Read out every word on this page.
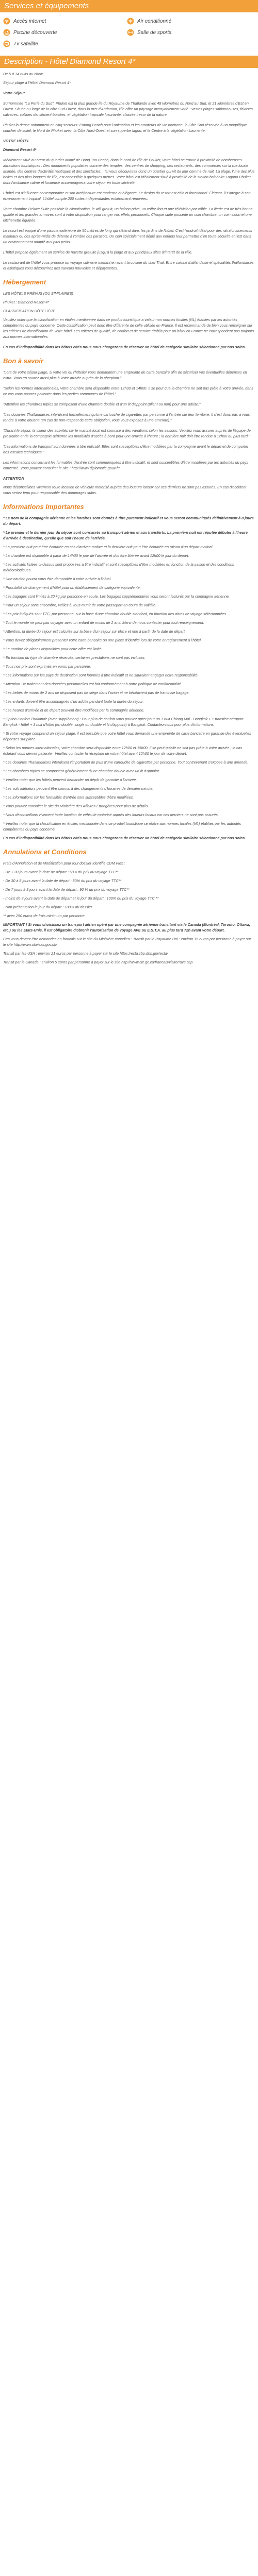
Services et équipements
Accès internet	Air conditionné
Piscine découverte	Salle de sports
Tv satellite
Description - Hôtel Diamond Resort 4*

De 5 à 14 nuits au choix

Séjour plage à l'Hôtel Diamond Resort 4*

Votre Séjour

Surnommée "La Perle du Sud", Phuket est la plus grande île du Royaume de Thaïlande avec 48 kilomètres du Nord au Sud, et 21 kilomètres d'Est en Ouest. Située au large de la côte Sud-Ouest, dans la mer d'Andaman, l'île offre un paysage incroyablement varié : vastes plages sablonneuses, falaises calcaires, collines densément boisées, et végétation tropicale luxuriante, classée trésor de la nature.

Phuket la dense notamment en cinq secteurs: Patong Beach pour l'animation et les amateurs de vie nocturne, la Côte Sud réservée à un magnifique coucher de soleil, le Nord de Phuket avec, la Côte Nord-Ouest et son superbe lagon, et le Centre à la végétation luxuriante.

VOTRE HÔTEL

Diamond Resort 4*

Idéalement situé au cœur du quartier animé de Bang Tao Beach, dans le nord de l'île de Phuket, votre hôtel se trouve à proximité de nombreuses attractions touristiques : Des monuments populaires comme des temples, des centres de shopping, des restaurants, des commerces sur la rue locale animée, des centres d'activités nautiques et des spectacles... Ici vous découvrirez donc un quartier qui vit de jour comme de nuit. La plage, l'une des plus belles et des plus longues de l'île, est accessible à quelques mètres. Votre hôtel est idéalement situé à proximité de la station balnéaire Laguna Phuket dont l'ambiance calme et luxueuse accompagnera votre séjour en toute sérénité.

L'hôtel est d'influence contemporaine et son architecture est moderne et élégante. Le design du resort est chic et fonctionnel. Élégant, il s'intègre à son environnement tropical. L'hôtel compte 200 suites indépendantes entièrement rénovées.

Votre chambre Deluxe Suite possède la climatisation, le wifi gratuit, un balcon privé, un coffre-fort et une télévision par câble. La literie est de très bonne qualité et les grandes armoires sont à votre disposition pour ranger vos effets personnels. Chaque suite possède un coin chambre, un coin salon et une kitchenette équipée.

Le resort est équipé d'une piscine extérieure de 50 mètres de long qui s'étend dans les jardins de l'hôtel. C'est l'endroit idéal pour des rafraîchissements matinaux ou des après-midis de détente à l'ombre des parasols. Un coin spécialement dédié aux enfants leur permettra d'en toute sécurité et l'est dans un environnement adapté aux plus petits.

L'hôtel propose également un service de navette gratuite jusqu'à la plage et aux principaux sites d'intérêt de la ville.

Le restaurant de l'hôtel vous propose un voyage culinaire mettant en avant la cuisine du chef Thaï. Entre cuisine thaïlandaise et spécialités thaïlandaises et asiatiques vous découvrirez des saveurs nouvelles et dépaysantes.

Hébergement

LES HÔTELS PRÉVUS (OU SIMILAIRES)

Phuket : Diamond Resort 4*

CLASSIFICATION HÔTELIÈRE

Veuillez noter que la classification en étoiles mentionnée dans ce produit touristique a valeur non normes locales (NL) établies par les autorités compétentes du pays concerné. Cette classification peut donc être différente de celle utilisée en France. Il est recommandé de bien vous renseigner sur les critères de classification de votre hôtel. Les critères de qualité, de confort et de service établis pour un hôtel en France ne correspondent pas toujours aux normes internationales.

En cas d'indisponibilité dans les hôtels cités nous nous chargerons de réserver un hôtel de catégorie similaire sélectionné par nos soins.

Bon à savoir

"Lors de votre séjour plage, si votre vol ou l'hôtelier vous demandent une empreinte de carte bancaire afin de sécuriser vos éventuelles dépenses en extra. Vous en saurez aussi plus à votre arrivée auprès de la réception."

"Selon les normes internationales, votre chambre sera disponible entre 12h00 et 14h00. Il se peut que la chambre ne soit pas prête à votre arrivée, dans ce cas vous pourrez patienter dans les parties communes de l'hôtel."

"Attention les chambres triples se composent d'une chambre double et d'un lit d'appoint (pliant ou non) pour une adulte."

"Les douanes Thaïlandaises interdisent formellement qu'une cartouche de cigarettes par personne à l'entrée sur leur territoire. Il n'est donc pas à vous rendre à votre douane (en cas de non-respect de cette obligation, vous vous exposez à une amende)."

"Durant le séjour, la valeur des activités sur le marché local est soumise à des variations selon les saisons. Veuillez vous assurer auprès de l'équipe de prestation et de la compagnie aérienne les modalités d'accès à bord pour une arrivée à l'heure ; la dernière nuit doit être rendue à 12h00 au plus tard."

"Les informations de transport sont données à titre indicatif. Elles sont susceptibles d'être modifiées par la compagnie avant le départ et de comporter des escales techniques."

Les informations concernant les formalités d'entrée sont communiquées à titre indicatif, et sont susceptibles d'être modifiées par les autorités du pays concerné. Vous pouvez consulter le site : http://www.diplomatie.gouv.fr/

ATTENTION

Nous déconseillons vivement toute location de véhicule motorisé auprès des loueurs locaux car ces derniers ne sont pas assurés. En cas d'accident vous seriez tenu pour responsable des dommages subis.

Informations Importantes

* Le nom de la compagnie aérienne et les horaires sont donnés à titre purement indicatif et vous seront communiqués définitivement à 8 jours du départ.

* Le premier et le dernier jour du séjour sont consacrés au transport aérien et aux transferts. La première nuit est réputée débuter à l'heure d'arrivée à destination, qu'elle que soit l'heure de l'arrivée.

* La première nuit peut être écourtée en cas d'arrivée tardive et la dernière nuit peut être écourtée en raison d'un départ matinal.

* La chambre est disponible à partir de 14h00 le jour de l'arrivée et doit être libérée avant 12h00 le jour du départ.

* Les activités listées ci-dessus sont proposées à titre indicatif et sont susceptibles d'être modifiées en fonction de la saison et des conditions météorologiques.

* Une caution pourra vous être demandée à votre arrivée à l'hôtel.

* Possibilité de changement d'hôtel pour un établissement de catégorie équivalente.

* Les bagages sont limités à 20 kg par personne en soute. Les bagages supplémentaires vous seront facturés par la compagnie aérienne.

* Pour un séjour sans encombre, veillez à vous munir de votre passeport en cours de validité.

* Les prix indiqués sont TTC, par personne, sur la base d'une chambre double standard, en fonction des dates de voyage sélectionnées.

* Tout le monde ne peut pas voyager avec un enfant de moins de 2 ans. Merci de nous contacter pour tout renseignement.

* Attention, la durée du séjour est calculée sur la base d'un séjour sur place et non à partir de la date de départ.

* Vous devez obligatoirement présenter votre carte bancaire ou une pièce d'identité lors de votre enregistrement à l'hôtel.

* Le nombre de places disponibles pour cette offre est limité.

* En fonction du type de chambre réservée, certaines prestations ne sont pas incluses.

* Tous nos prix sont exprimés en euros par personne.

* Les informations sur les pays de destination sont fournies à titre indicatif et ne sauraient engager notre responsabilité.

* Attention : le traitement des données personnelles est fait conformément à notre politique de confidentialité.

* Les bébés de moins de 2 ans ne disposent pas de siège dans l'avion et ne bénéficient pas de franchise bagage.

* Les enfants doivent être accompagnés d'un adulte pendant toute la durée du séjour.

* Les heures d'arrivée et de départ peuvent être modifiées par la compagnie aérienne.

* Option Confort Thaïlande (avec supplément) : Pour plus de confort vous pouvez opter pour un 1 nuit Chiang Mai - Bangkok + 1 transfert aéroport Bangkok - hôtel + 1 nuit d'hôtel (en double, single ou double et lit d'appoint) à Bangkok. Contactez-nous pour plus d'informations.

* Si votre voyage comprend un séjour plage, il est possible que votre hôtel vous demande une empreinte de carte bancaire en garantie des éventuelles dépenses sur place.

* Selon les normes internationales, votre chambre sera disponible entre 12h00 et 15h00. Il se peut qu'elle ne soit pas prête à votre arrivée ; le cas échéant vous devrez patienter. Veuillez contacter la réception de votre hôtel avant 12h00 le jour de votre départ.

* Les douanes Thaïlandaises interdisent l'importation de plus d'une cartouche de cigarettes par personne. Tout contrevenant s'expose à une amende.

* Les chambres triples se composent généralement d'une chambre double avec un lit d'appoint.

* Veuillez noter que les hôtels peuvent demander un dépôt de garantie à l'arrivée.

* Les vols intérieurs peuvent être soumis à des changements d'horaires de dernière minute.

* Les informations sur les formalités d'entrée sont susceptibles d'être modifiées.

* Vous pouvez consulter le site du Ministère des Affaires Étrangères pour plus de détails.

* Nous déconseillons vivement toute location de véhicule motorisé auprès des loueurs locaux car ces derniers ne sont pas assurés.

* Veuillez noter que la classification en étoiles mentionnée dans ce produit touristique se réfère aux normes locales (NL) établies par les autorités compétentes du pays concerné.

En cas d'indisponibilité dans les hôtels cités nous nous chargerons de réserver un hôtel de catégorie similaire sélectionné par nos soins.

Annulations et Conditions

Frais d'Annulation et de Modification pour tout dossier Identifié CDM Flex :

- De + 30 jours avant la date de départ : 60% du prix du voyage TTC**

- De 30 à 8 jours avant la date de départ : 80% du prix du voyage TTC**

- De 7 jours à 3 jours avant la date de départ : 90 % du prix du voyage TTC**

- moins de 3 jours avant la date de départ et le jour du départ : 100% du prix du voyage TTC **

- Non présentation le jour du départ : 100% du dossier

** avec 250 euros de frais minimum par personne

IMPORTANT ! Si vous choisissez un transport aérien opéré par une compagnie aérienne transitant via le Canada (Montréal, Toronto, Ottawa, etc.) ou les Etats-Unis, il est obligatoire d'obtenir l'autorisation de voyage AVE ou E.S.T.A. au plus tard 72h avant votre départ.

Ces vous devrez être demandes en français sur le site du Ministère canadien : Transit par le Royaume Uni : environ 15 euros par personne à payer sur le site http://www.ukvisas.gov.uk/

Transit par les USA : environ 21 euros par personne à payer sur le site https://esta.cbp.dhs.gov/esta/

Transit par le Canada : environ 5 euros par personne à payer sur le site http://www.cic.gc.ca/francais/visiter/ave.asp
